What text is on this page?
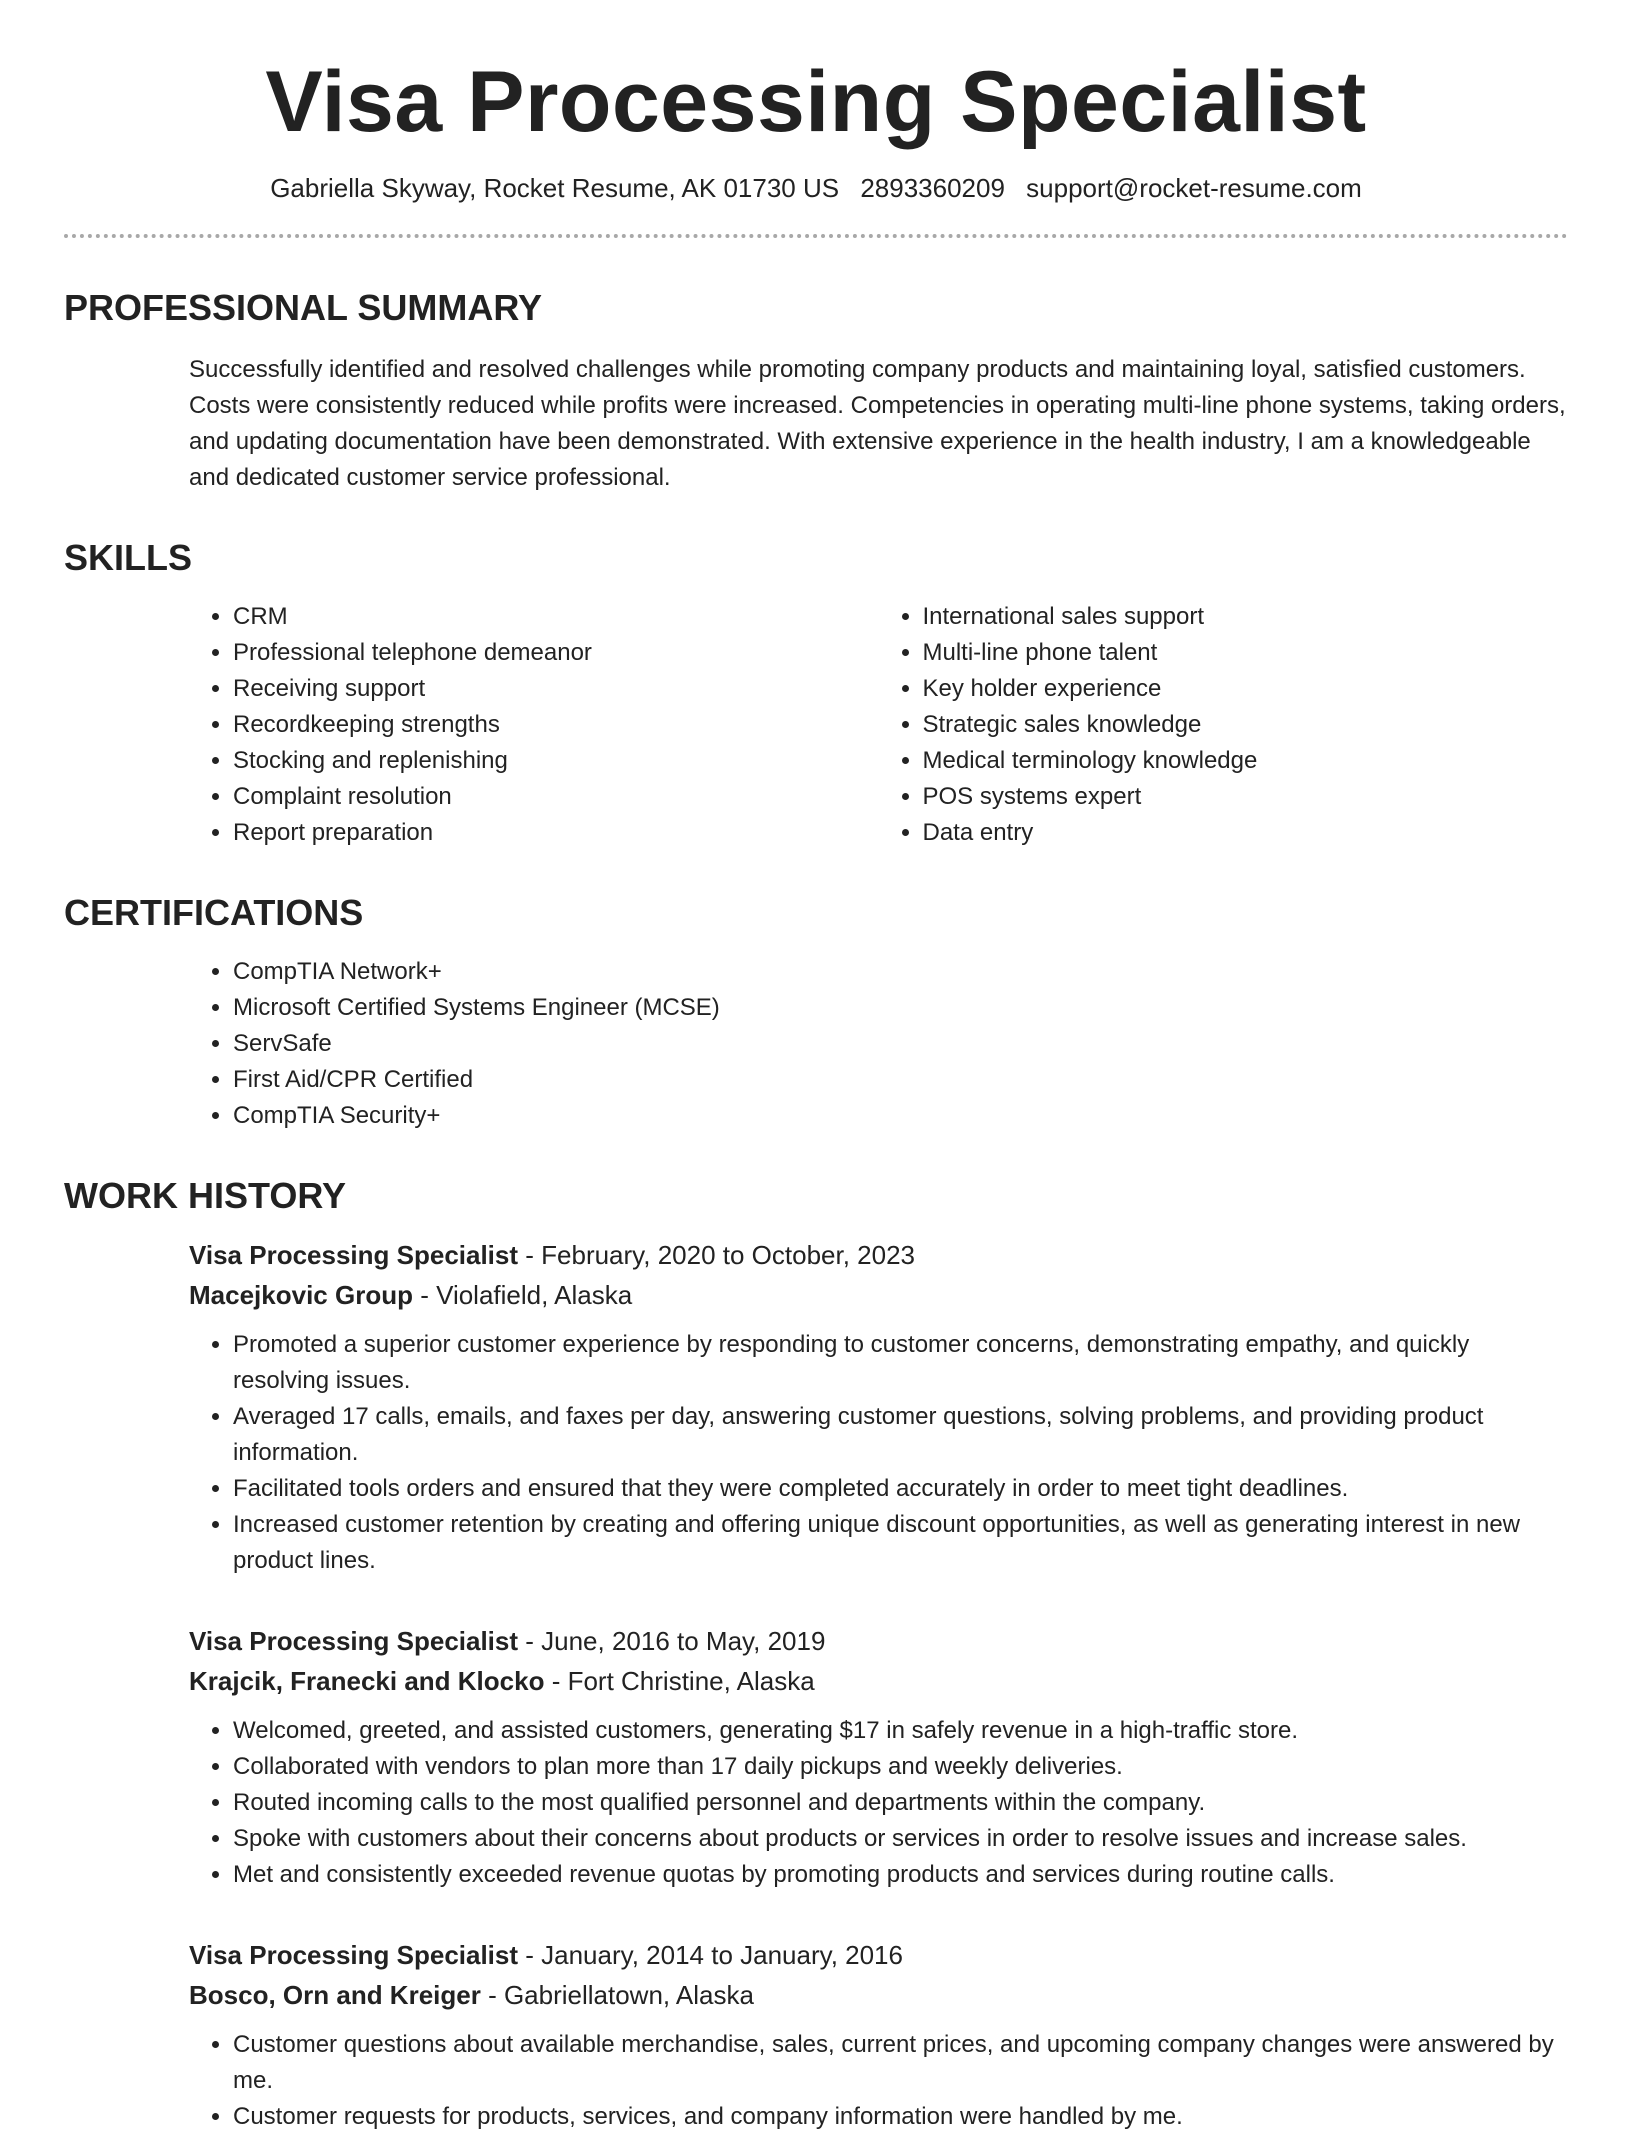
Visa Processing Specialist
Gabriella Skyway, Rocket Resume, AK 01730 US 2893360209 support@rocket-resume.com
PROFESSIONAL SUMMARY
Successfully identified and resolved challenges while promoting company products and maintaining loyal, satisfied customers. Costs were consistently reduced while profits were increased. Competencies in operating multi-line phone systems, taking orders, and updating documentation have been demonstrated. With extensive experience in the health industry, I am a knowledgeable and dedicated customer service professional.
SKILLS
• CRM
• Professional telephone demeanor
• Receiving support
• Recordkeeping strengths
• Stocking and replenishing
• Complaint resolution
• Report preparation
• International sales support
• Multi-line phone talent
• Key holder experience
• Strategic sales knowledge
• Medical terminology knowledge
• POS systems expert
• Data entry
CERTIFICATIONS
• CompTIA Network+
• Microsoft Certified Systems Engineer (MCSE)
• ServSafe
• First Aid/CPR Certified
• CompTIA Security+
WORK HISTORY
Visa Processing Specialist - February, 2020 to October, 2023
Macejkovic Group - Violafield, Alaska
• Promoted a superior customer experience by responding to customer concerns, demonstrating empathy, and quickly resolving issues.
• Averaged 17 calls, emails, and faxes per day, answering customer questions, solving problems, and providing product information.
• Facilitated tools orders and ensured that they were completed accurately in order to meet tight deadlines.
• Increased customer retention by creating and offering unique discount opportunities, as well as generating interest in new product lines.
Visa Processing Specialist - June, 2016 to May, 2019
Krajcik, Franecki and Klocko - Fort Christine, Alaska
• Welcomed, greeted, and assisted customers, generating $17 in safely revenue in a high-traffic store.
• Collaborated with vendors to plan more than 17 daily pickups and weekly deliveries.
• Routed incoming calls to the most qualified personnel and departments within the company.
• Spoke with customers about their concerns about products or services in order to resolve issues and increase sales.
• Met and consistently exceeded revenue quotas by promoting products and services during routine calls.
Visa Processing Specialist - January, 2014 to January, 2016
Bosco, Orn and Kreiger - Gabriellatown, Alaska
• Customer questions about available merchandise, sales, current prices, and upcoming company changes were answered by me.
• Customer requests for products, services, and company information were handled by me.
